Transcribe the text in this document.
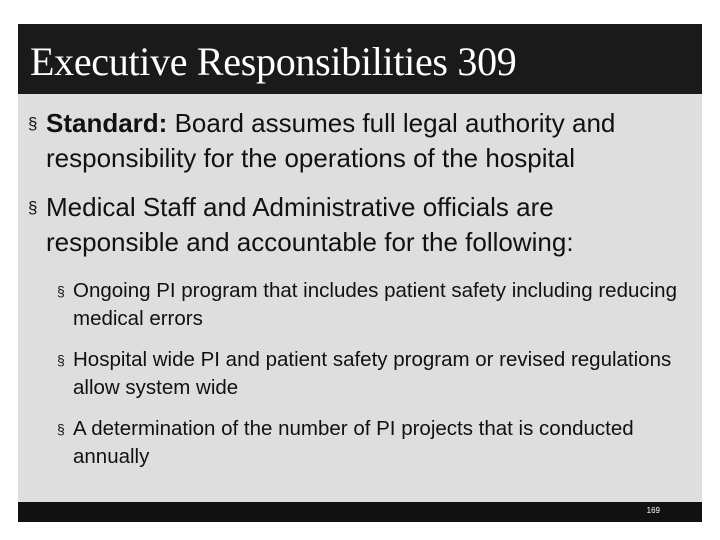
Executive Responsibilities 309
§ Standard: Board assumes full legal authority and responsibility for the operations of the hospital
§ Medical Staff and Administrative officials are responsible and accountable for the following:
§ Ongoing PI program that includes patient safety including reducing medical errors
§ Hospital wide PI and patient safety program or revised regulations allow system wide
§ A determination of the number of PI projects that is conducted annually
169
